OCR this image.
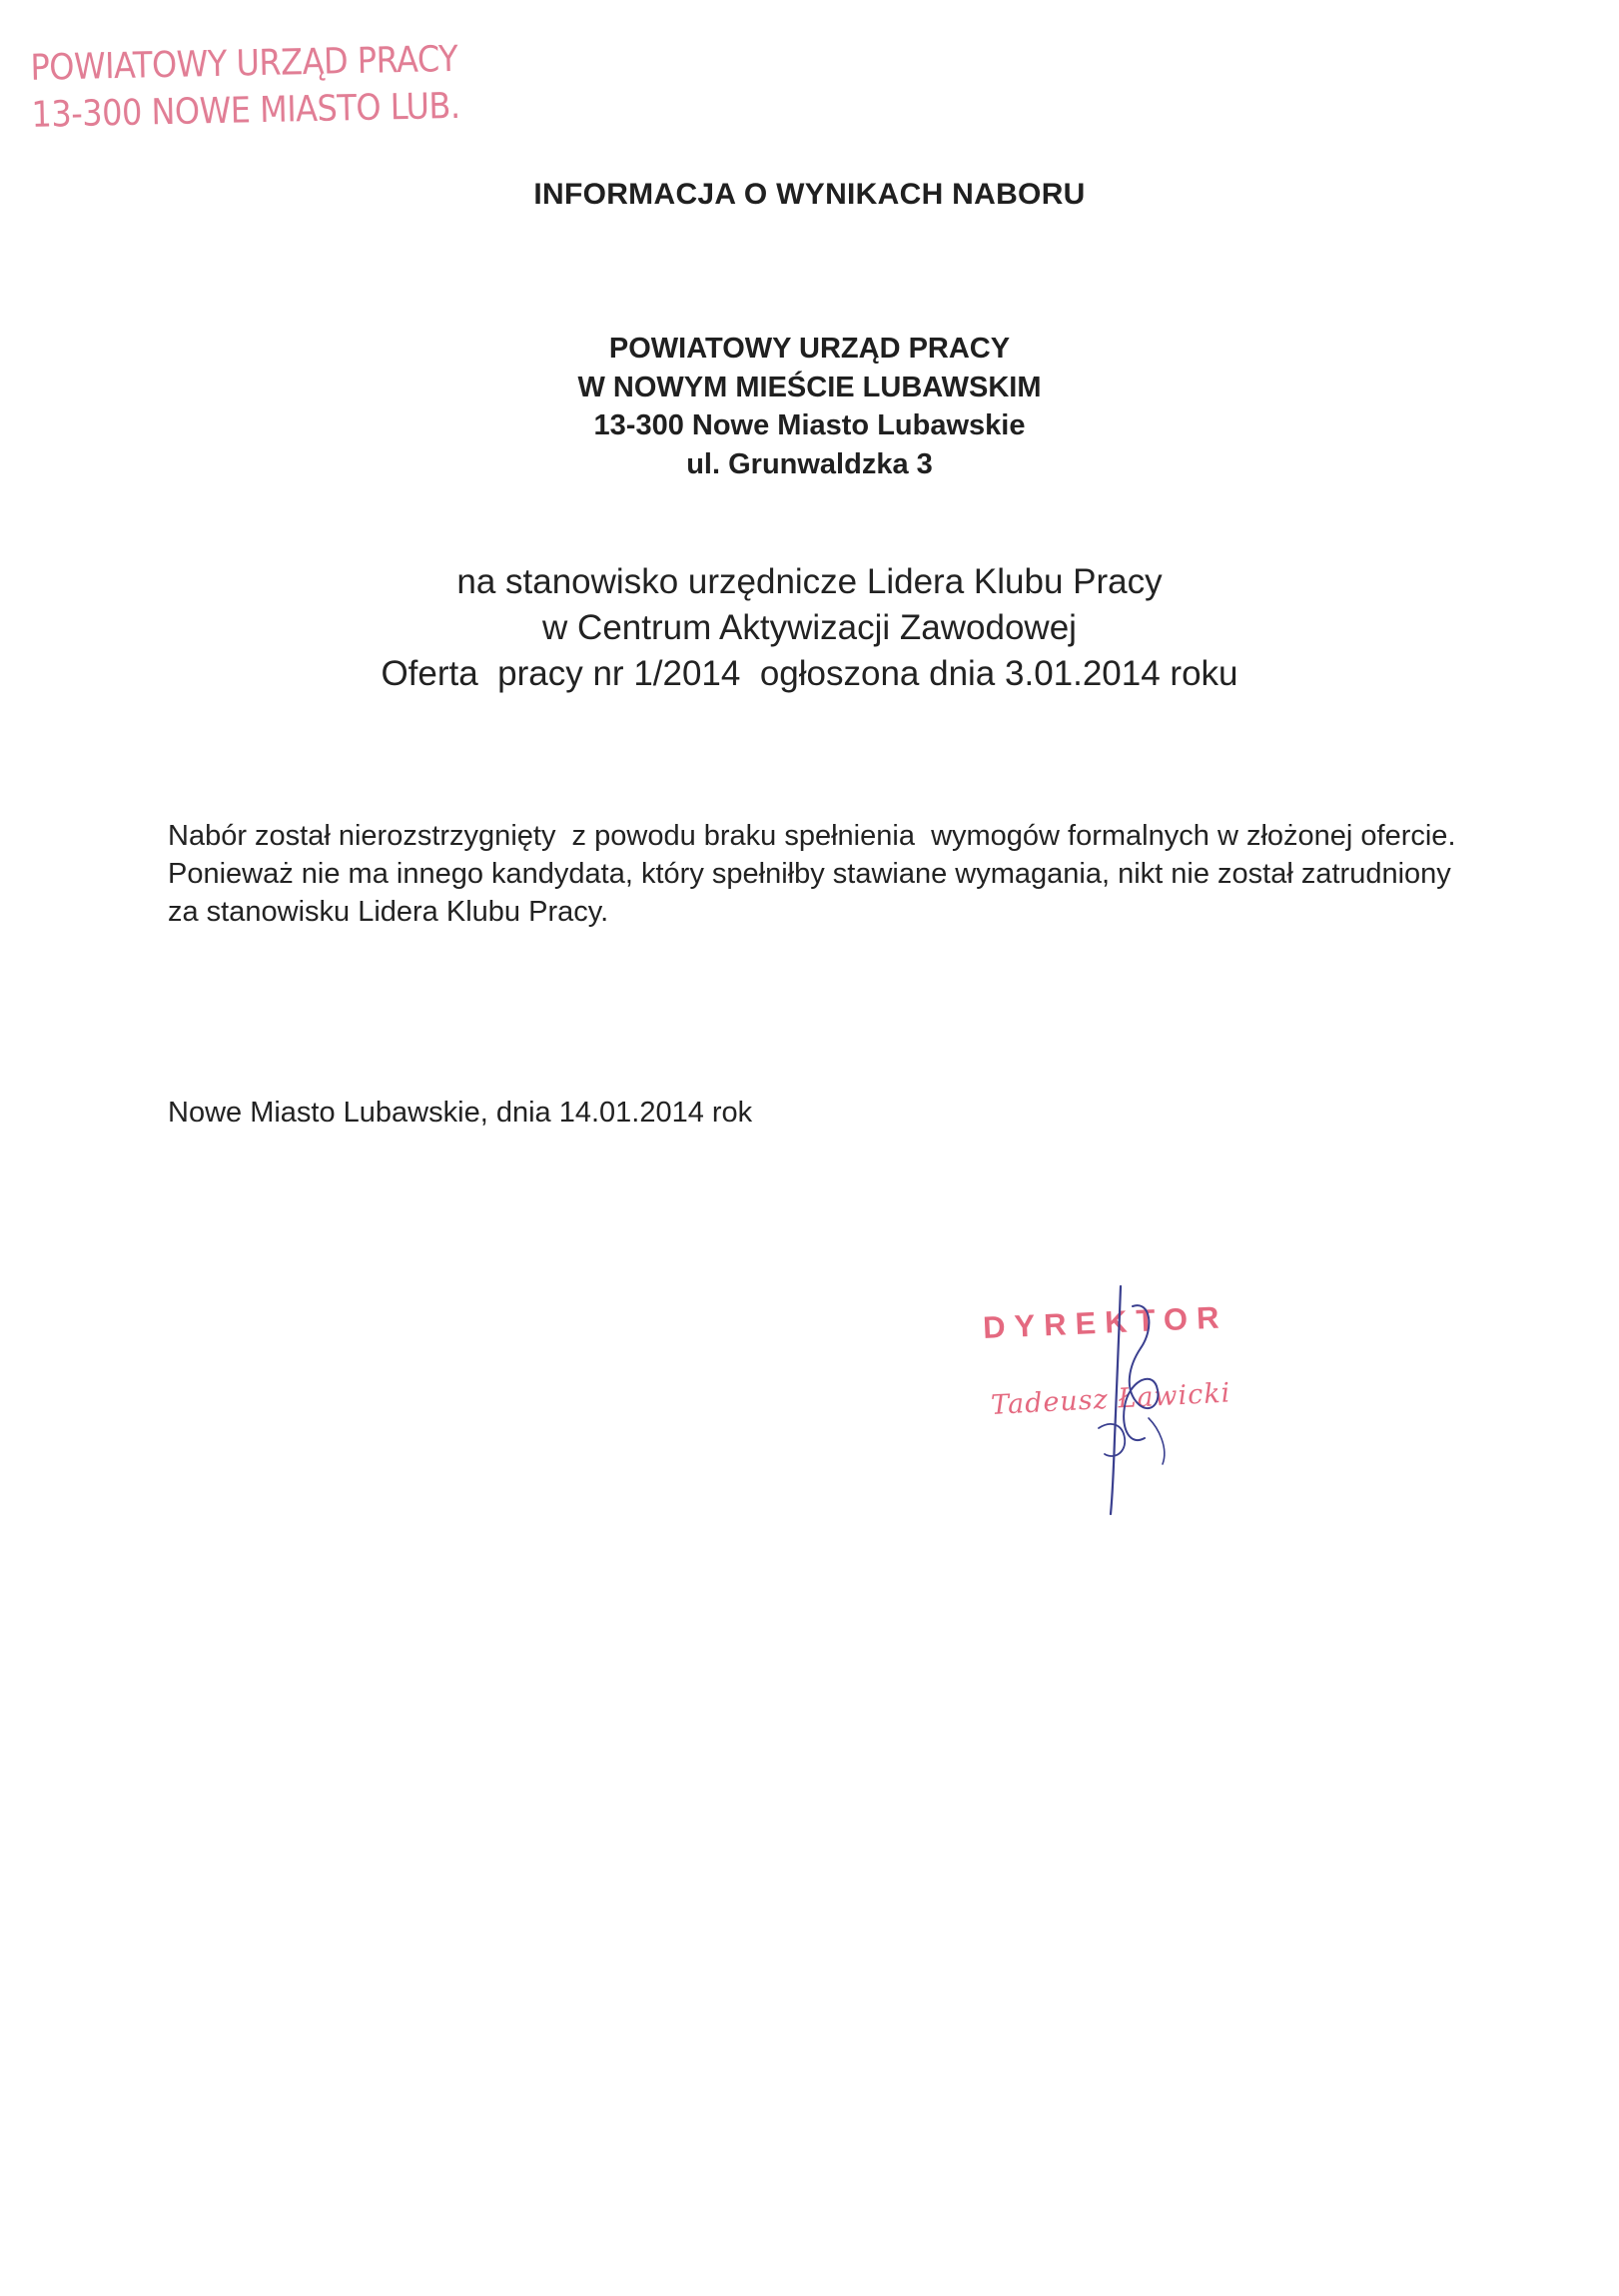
POWIATOWY URZĄD PRACY
13-300 NOWE MIASTO LUB.
INFORMACJA O WYNIKACH NABORU
POWIATOWY URZĄD PRACY
W NOWYM MIEŚCIE LUBAWSKIM
13-300 Nowe Miasto Lubawskie
ul. Grunwaldzka 3
na stanowisko urzędnicze Lidera Klubu Pracy
w Centrum Aktywizacji Zawodowej
Oferta  pracy nr 1/2014  ogłoszona dnia 3.01.2014 roku

Nabór został nierozstrzygnięty  z powodu braku spełnienia  wymogów formalnych w złożonej ofercie.

Ponieważ nie ma innego kandydata, który spełniłby stawiane wymagania, nikt nie został zatrudniony za stanowisku Lidera Klubu Pracy.

Nowe Miasto Lubawskie, dnia 14.01.2014 rok
DYREKTOR
Tadeusz Ławicki
